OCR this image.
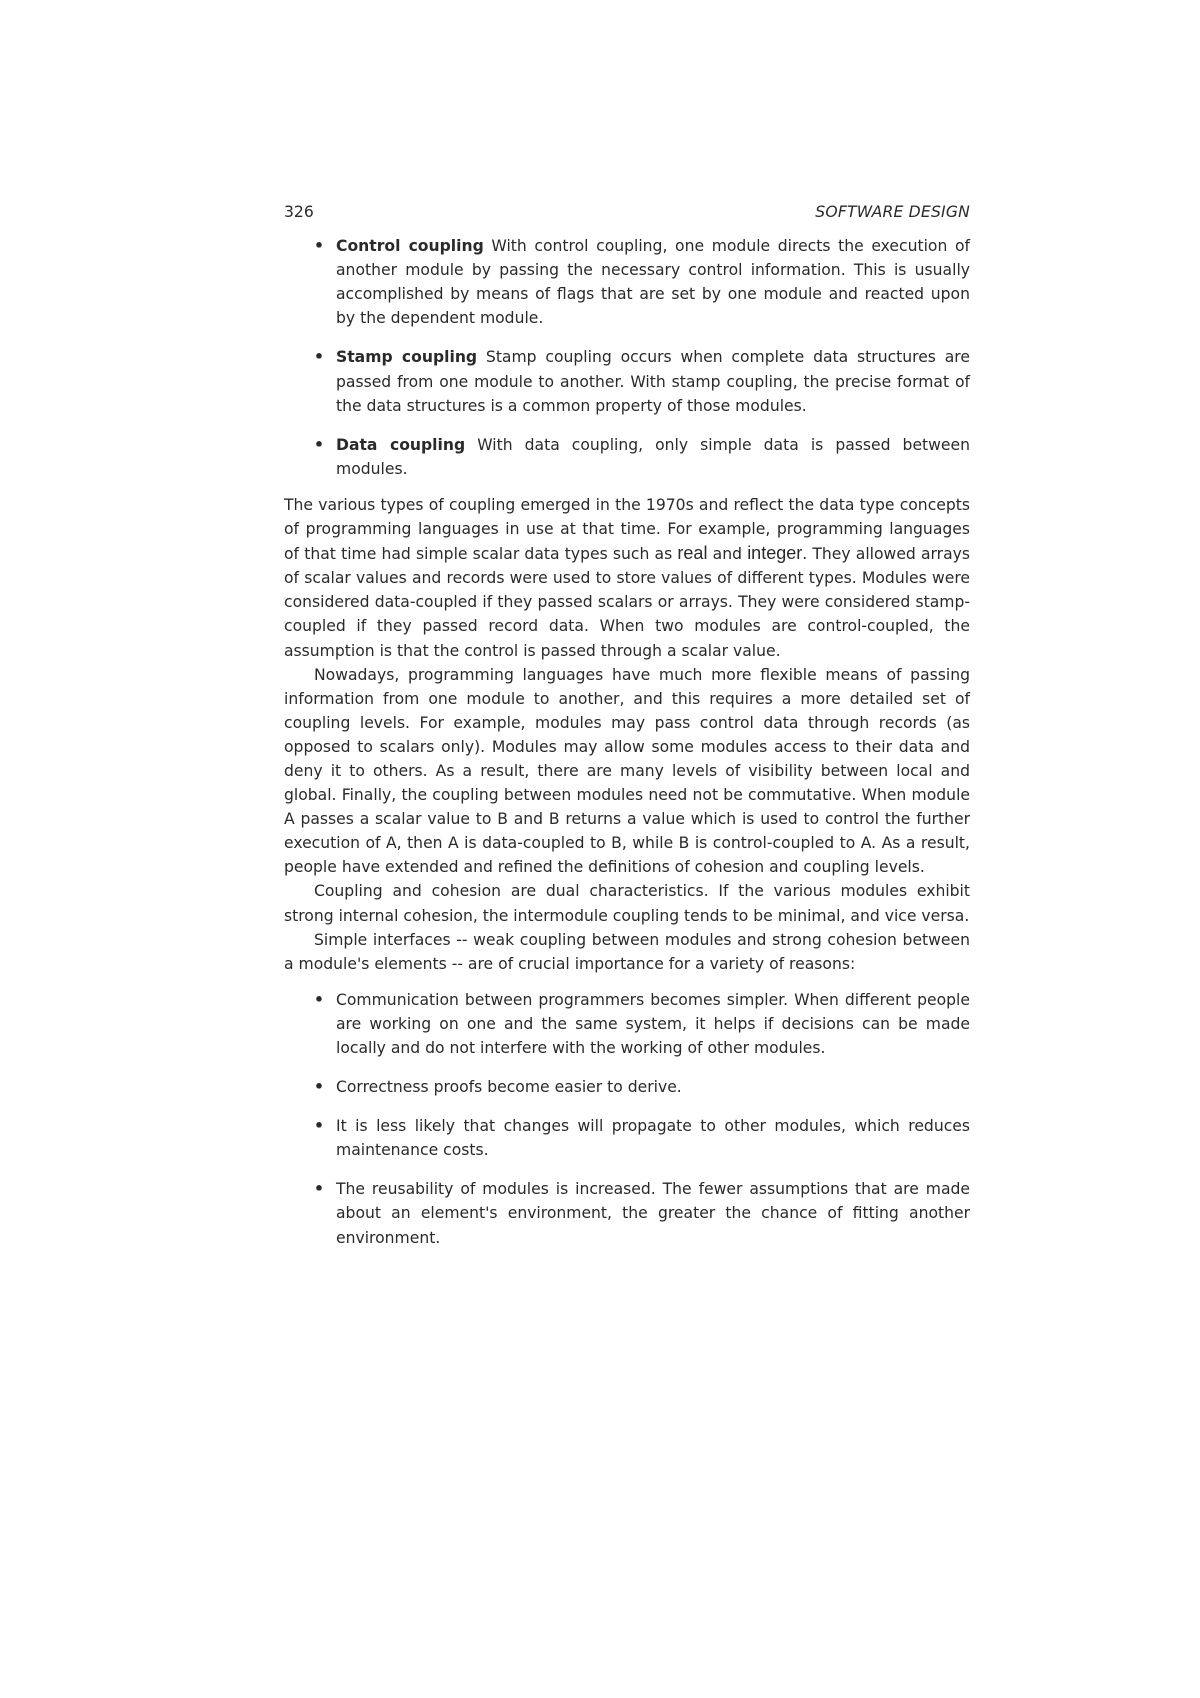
326	SOFTWARE DESIGN
• Control coupling With control coupling, one module directs the execution of another module by passing the necessary control information. This is usually accomplished by means of flags that are set by one module and reacted upon by the dependent module.
• Stamp coupling Stamp coupling occurs when complete data structures are passed from one module to another. With stamp coupling, the precise format of the data structures is a common property of those modules.
• Data coupling With data coupling, only simple data is passed between modules.

The various types of coupling emerged in the 1970s and reflect the data type concepts of programming languages in use at that time. For example, programming languages of that time had simple scalar data types such as real and integer. They allowed arrays of scalar values and records were used to store values of different types. Modules were considered data-coupled if they passed scalars or arrays. They were considered stamp-coupled if they passed record data. When two modules are control-coupled, the assumption is that the control is passed through a scalar value.

Nowadays, programming languages have much more flexible means of passing information from one module to another, and this requires a more detailed set of coupling levels. For example, modules may pass control data through records (as opposed to scalars only). Modules may allow some modules access to their data and deny it to others. As a result, there are many levels of visibility between local and global. Finally, the coupling between modules need not be commutative. When module A passes a scalar value to B and B returns a value which is used to control the further execution of A, then A is data-coupled to B, while B is control-coupled to A. As a result, people have extended and refined the definitions of cohesion and coupling levels.

Coupling and cohesion are dual characteristics. If the various modules exhibit strong internal cohesion, the intermodule coupling tends to be minimal, and vice versa.

Simple interfaces -- weak coupling between modules and strong cohesion between a module's elements -- are of crucial importance for a variety of reasons:

• Communication between programmers becomes simpler. When different people are working on one and the same system, it helps if decisions can be made locally and do not interfere with the working of other modules.
• Correctness proofs become easier to derive.
• It is less likely that changes will propagate to other modules, which reduces maintenance costs.
• The reusability of modules is increased. The fewer assumptions that are made about an element's environment, the greater the chance of fitting another environment.
